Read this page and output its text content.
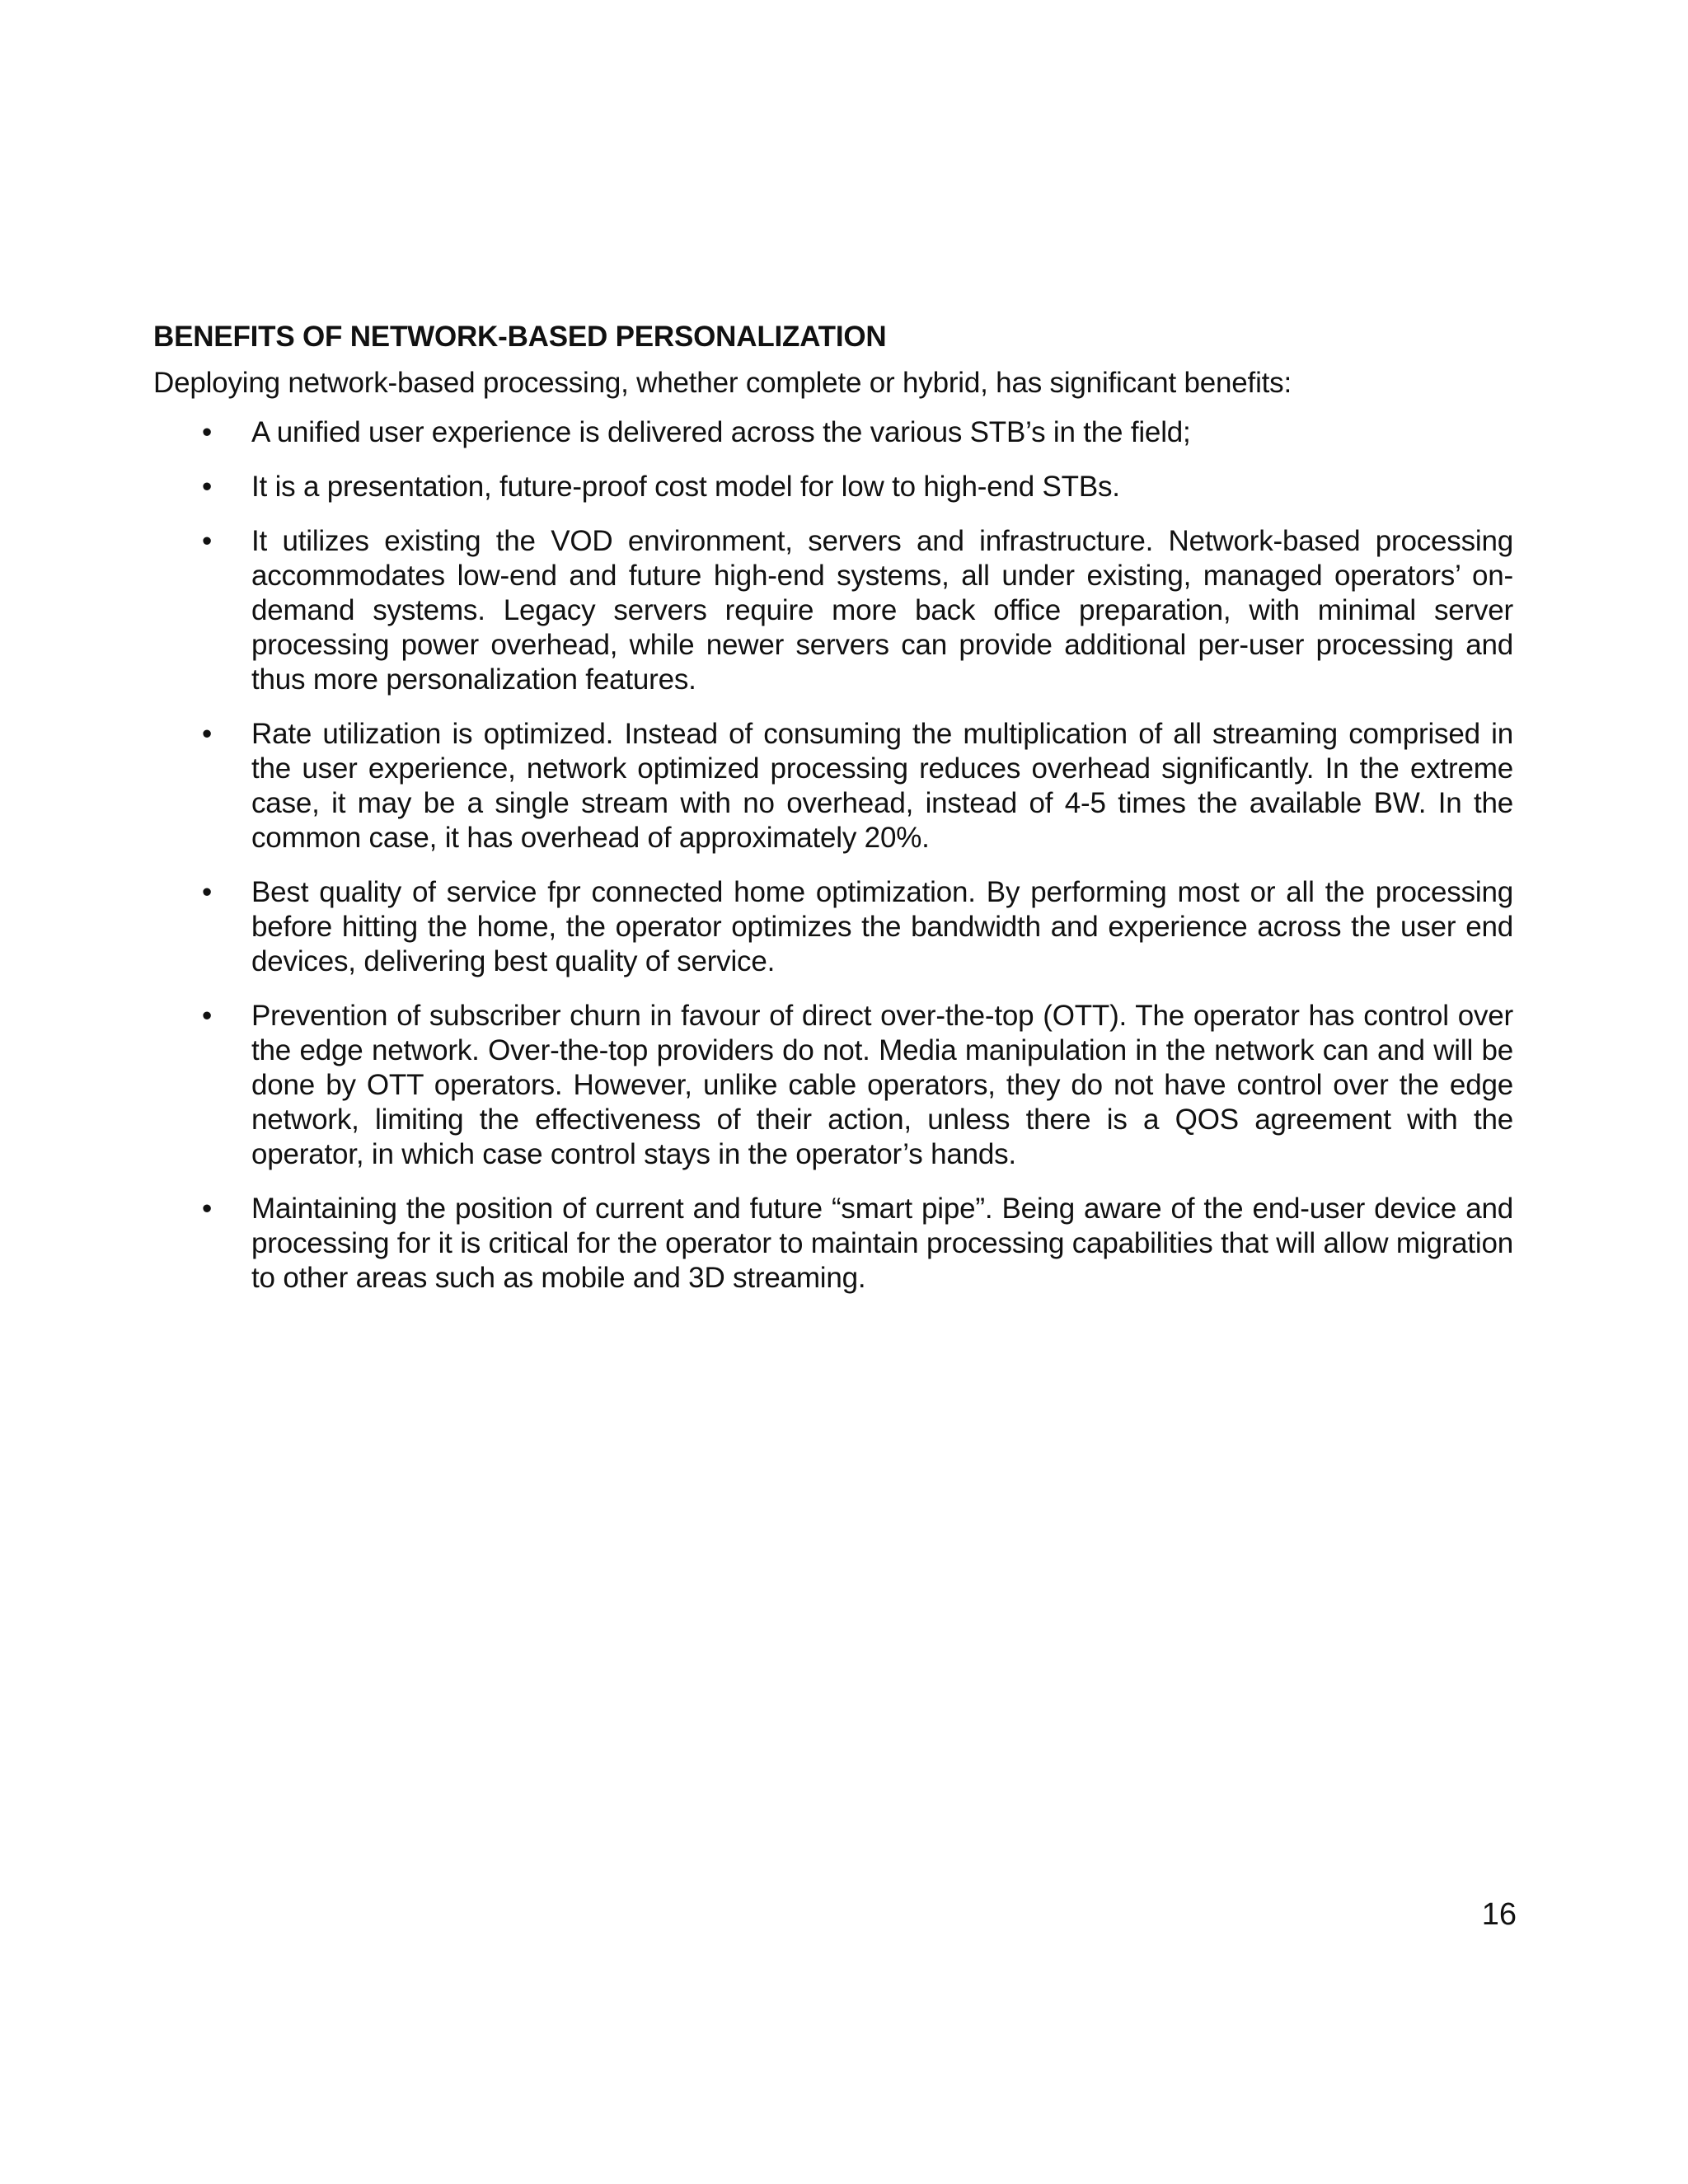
BENEFITS OF NETWORK-BASED PERSONALIZATION
Deploying network-based processing, whether complete or hybrid, has significant benefits:
• A unified user experience is delivered across the various STB’s in the field;
• It is a presentation, future-proof cost model for low to high-end STBs.
• It utilizes existing the VOD environment, servers and infrastructure. Network-based processing accommodates low-end and future high-end systems, all under existing, managed operators’ on-demand systems. Legacy servers require more back office preparation, with minimal server processing power overhead, while newer servers can provide additional per-user processing and thus more personalization features.
• Rate utilization is optimized. Instead of consuming the multiplication of all streaming comprised in the user experience, network optimized processing reduces overhead significantly. In the extreme case, it may be a single stream with no overhead, instead of 4-5 times the available BW. In the common case, it has overhead of approximately 20%.
• Best quality of service fpr connected home optimization. By performing most or all the processing before hitting the home, the operator optimizes the bandwidth and experience across the user end devices, delivering best quality of service.
• Prevention of subscriber churn in favour of direct over-the-top (OTT). The operator has control over the edge network. Over-the-top providers do not. Media manipulation in the network can and will be done by OTT operators. However, unlike cable operators, they do not have control over the edge network, limiting the effectiveness of their action, unless there is a QOS agreement with the operator, in which case control stays in the operator’s hands.
• Maintaining the position of current and future “smart pipe”. Being aware of the end-user device and processing for it is critical for the operator to maintain processing capabilities that will allow migration to other areas such as mobile and 3D streaming.
16
